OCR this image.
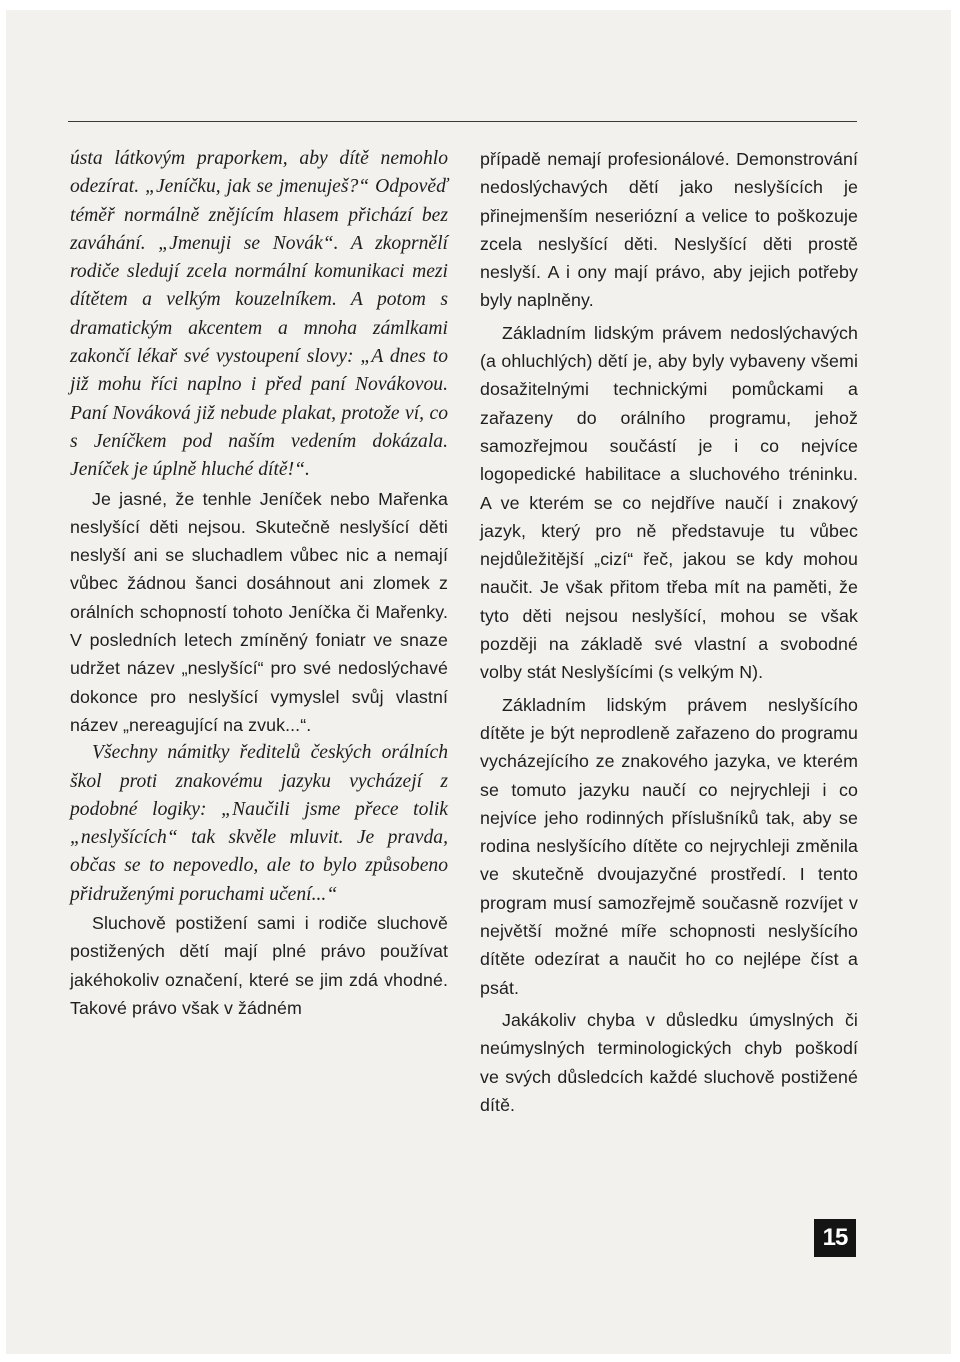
ústa látkovým praporkem, aby dítě nemohlo odezírat. „Jeníčku, jak se jmenuješ?“ Odpověď téměř normálně znějícím hlasem přichází bez zaváhání. „Jmenuji se Novák“. A zkoprnělí rodiče sledují zcela normální komunikaci mezi dítětem a velkým kouzelníkem. A potom s dramatickým akcentem a mnoha zámlkami zakončí lékař své vystoupení slovy: „A dnes to již mohu říci naplno i před paní Novákovou. Paní Nováková již nebude plakat, protože ví, co s Jeníčkem pod naším vedením dokázala. Jeníček je úplně hluché dítě!“.

Je jasné, že tenhle Jeníček nebo Mařenka neslyšící děti nejsou. Skutečně neslyšící děti neslyší ani se sluchadlem vůbec nic a nemají vůbec žádnou šanci dosáhnout ani zlomek z orálních schopností tohoto Jeníčka či Mařenky. V posledních letech zmíněný foniatr ve snaze udržet název „neslyšící“ pro své nedoslýchavé dokonce pro neslyšící vymyslel svůj vlastní název „nereagující na zvuk...“.

Všechny námitky ředitelů českých orálních škol proti znakovému jazyku vycházejí z podobné logiky: „Naučili jsme přece tolik „neslyšících“ tak skvěle mluvit. Je pravda, občas se to nepovedlo, ale to bylo způsobeno přidruženými poruchami učení...“

Sluchově postižení sami i rodiče sluchově postižených dětí mají plné právo používat jakéhokoliv označení, které se jim zdá vhodné. Takové právo však v žádném

případě nemají profesionálové. Demonstrování nedoslýchavých dětí jako neslyšících je přinejmenším neseriózní a velice to poškozuje zcela neslyšící děti. Neslyšící děti prostě neslyší. A i ony mají právo, aby jejich potřeby byly naplněny.

Základním lidským právem nedoslýchavých (a ohluchlých) dětí je, aby byly vybaveny všemi dosažitelnými technickými pomůckami a zařazeny do orálního programu, jehož samozřejmou součástí je i co nejvíce logopedické habilitace a sluchového tréninku. A ve kterém se co nejdříve naučí i znakový jazyk, který pro ně představuje tu vůbec nejdůležitější „cizí“ řeč, jakou se kdy mohou naučit. Je však přitom třeba mít na paměti, že tyto děti nejsou neslyšící, mohou se však později na základě své vlastní a svobodné volby stát Neslyšícími (s velkým N).

Základním lidským právem neslyšícího dítěte je být neprodleně zařazeno do programu vycházejícího ze znakového jazyka, ve kterém se tomuto jazyku naučí co nejrychleji i co nejvíce jeho rodinných příslušníků tak, aby se rodina neslyšícího dítěte co nejrychleji změnila ve skutečně dvoujazyčné prostředí. I tento program musí samozřejmě současně rozvíjet v největší možné míře schopnosti neslyšícího dítěte odezírat a naučit ho co nejlépe číst a psát.

Jakákoliv chyba v důsledku úmyslných či neúmyslných terminologických chyb poškodí ve svých důsledcích každé sluchově postižené dítě.

15
